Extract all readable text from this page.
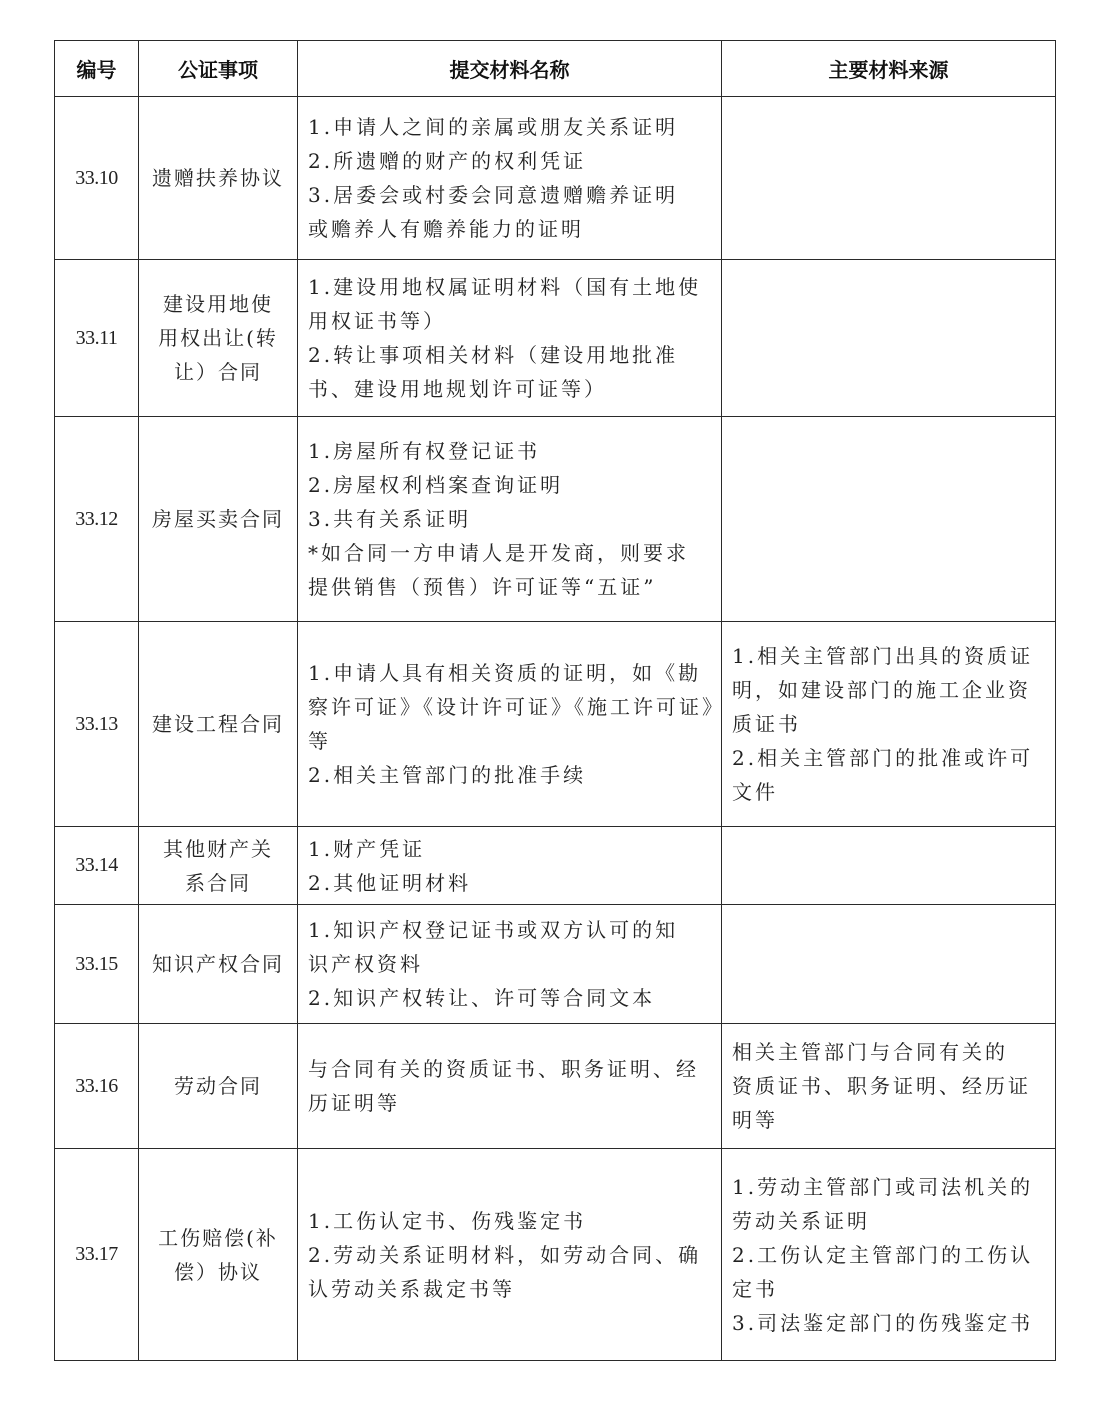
编号	公证事项	提交材料名称	主要材料来源
33.10	遗赠扶养协议	1.申请人之间的亲属或朋友关系证明
2.所遗赠的财产的权利凭证
3.居委会或村委会同意遗赠赡养证明
或赡养人有赡养能力的证明	

33.11	建设用地使
用权出让(转
让）合同	1.建设用地权属证明材料（国有土地使
用权证书等）
2.转让事项相关材料（建设用地批准
书、建设用地规划许可证等）	

33.12	房屋买卖合同	1.房屋所有权登记证书
2.房屋权利档案查询证明
3.共有关系证明
*如合同一方申请人是开发商，则要求
提供销售（预售）许可证等“五证”	

33.13	建设工程合同	1.申请人具有相关资质的证明，如《勘
察许可证》《设计许可证》《施工许可证》
等
2.相关主管部门的批准手续	1.相关主管部门出具的资质证
明，如建设部门的施工企业资
质证书
2.相关主管部门的批准或许可
文件

33.14	其他财产关
系合同	1.财产凭证
2.其他证明材料	

33.15	知识产权合同	1.知识产权登记证书或双方认可的知
识产权资料
2.知识产权转让、许可等合同文本	

33.16	劳动合同	与合同有关的资质证书、职务证明、经
历证明等	相关主管部门与合同有关的
资质证书、职务证明、经历证
明等

33.17	工伤赔偿(补
偿）协议	1.工伤认定书、伤残鉴定书
2.劳动关系证明材料，如劳动合同、确
认劳动关系裁定书等	1.劳动主管部门或司法机关的
劳动关系证明
2.工伤认定主管部门的工伤认
定书
3.司法鉴定部门的伤残鉴定书
